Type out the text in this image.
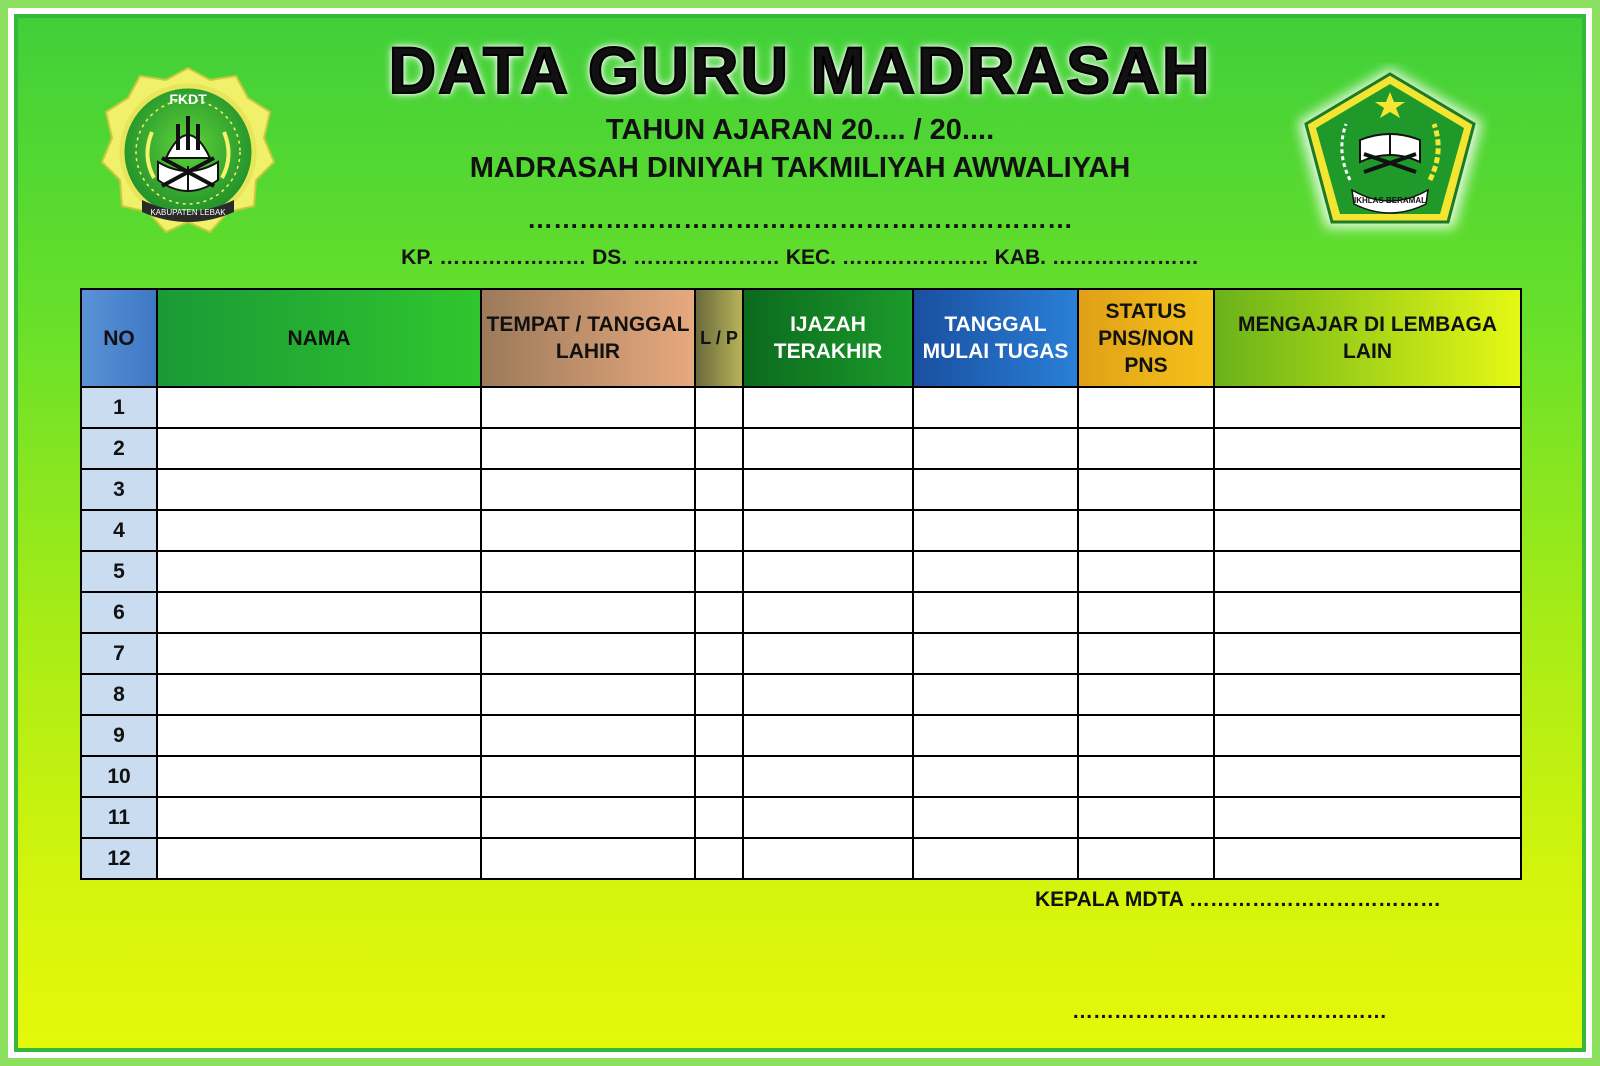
FKDT
KABUPATEN LEBAK
IKHLAS BERAMAL
DATA GURU MADRASAH
TAHUN AJARAN 20.... / 20....
MADRASAH DINIYAH TAKMILIYAH AWWALIYAH
………………………………………………………
KP. ………………… DS. ………………… KEC. ………………… KAB. …………………
NO	NAMA	TEMPAT / TANGGAL LAHIR	L / P	IJAZAH TERAKHIR	TANGGAL MULAI TUGAS	STATUS PNS/NON PNS	MENGAJAR DI LEMBAGA LAIN
1							
2							
3							
4							
5							
6							
7							
8							
9							
10							
11							
12							
KEPALA MDTA ………………………………
………………………………………
